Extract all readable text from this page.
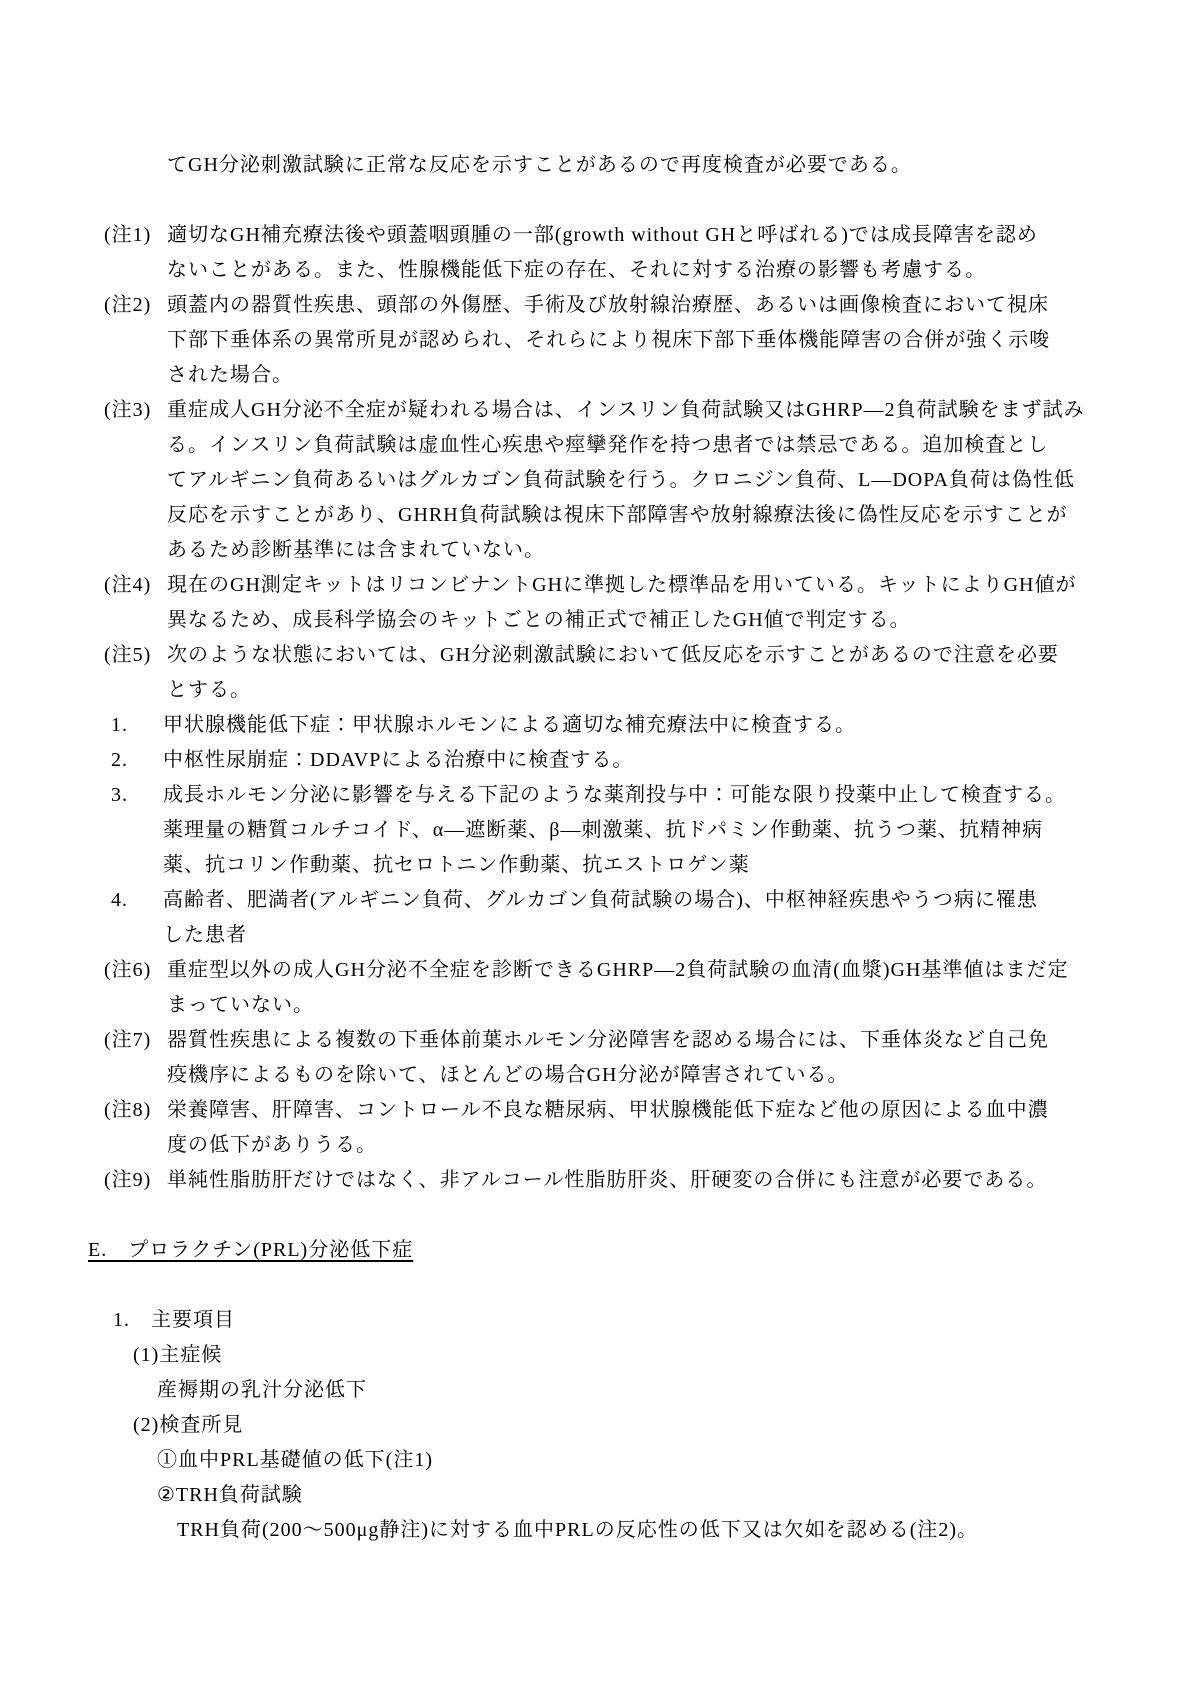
てGH分泌刺激試験に正常な反応を示すことがあるので再度検査が必要である。
(注1) 適切なGH補充療法後や頭蓋咽頭腫の一部(growth without GHと呼ばれる)では成長障害を認め
ないことがある。また、性腺機能低下症の存在、それに対する治療の影響も考慮する。
(注2) 頭蓋内の器質性疾患、頭部の外傷歴、手術及び放射線治療歴、あるいは画像検査において視床
下部下垂体系の異常所見が認められ、それらにより視床下部下垂体機能障害の合併が強く示唆
された場合。
(注3) 重症成人GH分泌不全症が疑われる場合は、インスリン負荷試験又はGHRP―2負荷試験をまず試み
る。インスリン負荷試験は虚血性心疾患や痙攣発作を持つ患者では禁忌である。追加検査とし
てアルギニン負荷あるいはグルカゴン負荷試験を行う。クロニジン負荷、L―DOPA負荷は偽性低
反応を示すことがあり、GHRH負荷試験は視床下部障害や放射線療法後に偽性反応を示すことが
あるため診断基準には含まれていない。
(注4) 現在のGH測定キットはリコンビナントGHに準拠した標準品を用いている。キットによりGH値が
異なるため、成長科学協会のキットごとの補正式で補正したGH値で判定する。
(注5) 次のような状態においては、GH分泌刺激試験において低反応を示すことがあるので注意を必要
とする。
1. 甲状腺機能低下症：甲状腺ホルモンによる適切な補充療法中に検査する。
2. 中枢性尿崩症：DDAVPによる治療中に検査する。
3. 成長ホルモン分泌に影響を与える下記のような薬剤投与中：可能な限り投薬中止して検査する。
薬理量の糖質コルチコイド、α―遮断薬、β―刺激薬、抗ドパミン作動薬、抗うつ薬、抗精神病
薬、抗コリン作動薬、抗セロトニン作動薬、抗エストロゲン薬
4. 高齢者、肥満者(アルギニン負荷、グルカゴン負荷試験の場合)、中枢神経疾患やうつ病に罹患
した患者
(注6) 重症型以外の成人GH分泌不全症を診断できるGHRP―2負荷試験の血清(血漿)GH基準値はまだ定
まっていない。
(注7) 器質性疾患による複数の下垂体前葉ホルモン分泌障害を認める場合には、下垂体炎など自己免
疫機序によるものを除いて、ほとんどの場合GH分泌が障害されている。
(注8) 栄養障害、肝障害、コントロール不良な糖尿病、甲状腺機能低下症など他の原因による血中濃
度の低下がありうる。
(注9) 単純性脂肪肝だけではなく、非アルコール性脂肪肝炎、肝硬変の合併にも注意が必要である。
E.　プロラクチン(PRL)分泌低下症
1.　主要項目
(1)主症候
産褥期の乳汁分泌低下
(2)検査所見
①血中PRL基礎値の低下(注1)
②TRH負荷試験
TRH負荷(200〜500μg静注)に対する血中PRLの反応性の低下又は欠如を認める(注2)。
